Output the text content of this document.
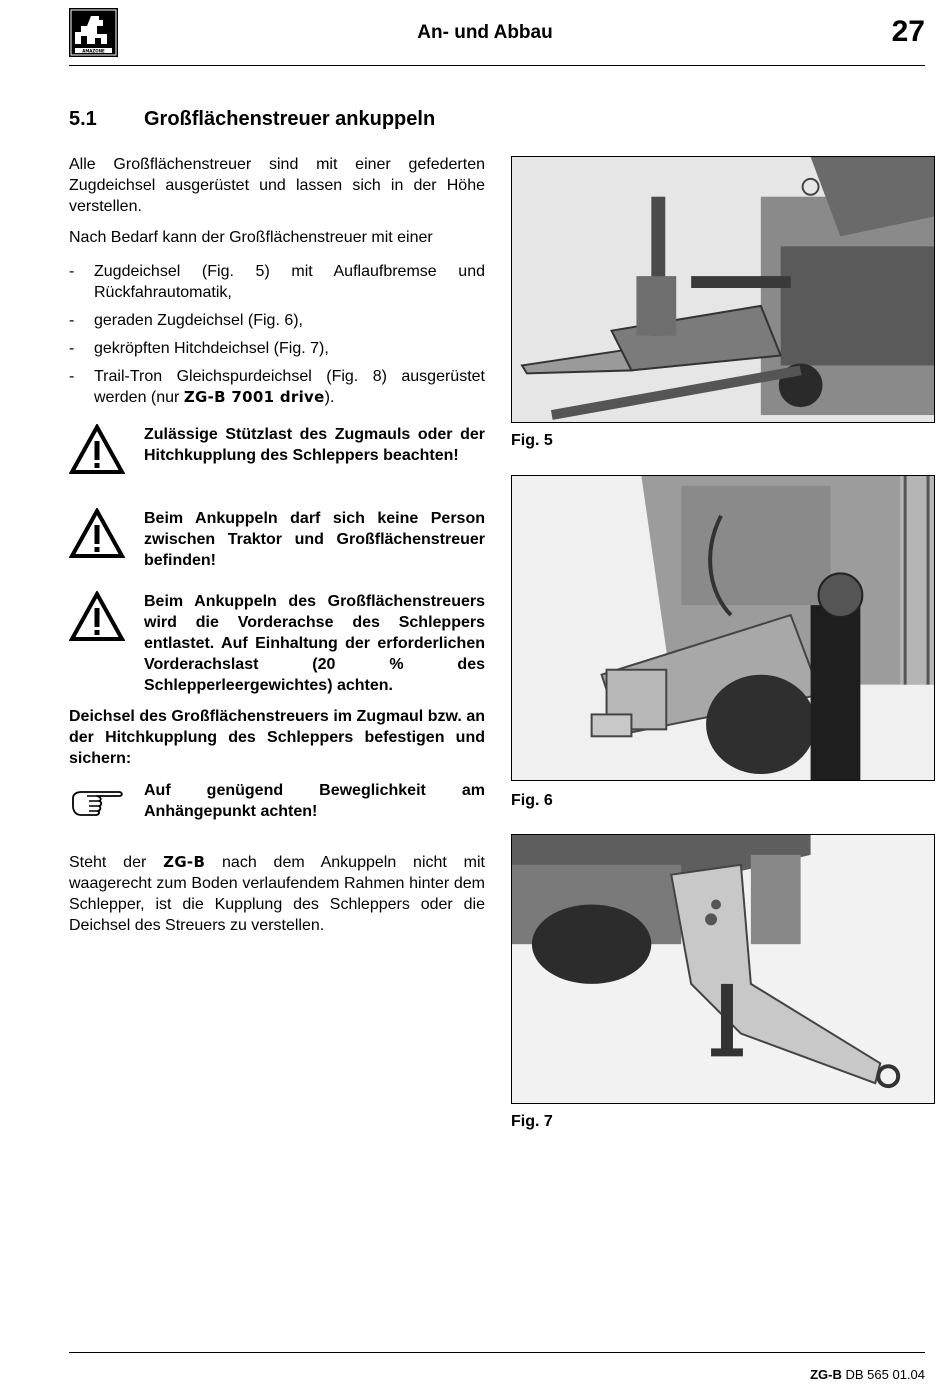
AMAZONE
An- und Abbau	27
5.1 Großflächenstreuer ankuppeln

Alle Großflächenstreuer sind mit einer gefederten Zugdeichsel ausgerüstet und lassen sich in der Höhe verstellen.

Nach Bedarf kann der Großflächenstreuer mit einer

- Zugdeichsel (Fig. 5) mit Auflaufbremse und Rückfahrautomatik,
- geraden Zugdeichsel (Fig. 6),
- gekröpften Hitchdeichsel (Fig. 7),
- Trail-Tron Gleichspurdeichsel (Fig. 8) ausgerüstet werden (nur ZG-B 7001 drive).
Zulässige Stützlast des Zugmauls oder der Hitchkupplung des Schleppers beachten!
Beim Ankuppeln darf sich keine Person zwischen Traktor und Großflächenstreuer befinden!
Beim Ankuppeln des Großflächenstreuers wird die Vorderachse des Schleppers entlastet. Auf Einhaltung der erforderlichen Vorderachslast (20 % des Schlepperleergewichtes) achten.

Deichsel des Großflächenstreuers im Zugmaul bzw. an der Hitchkupplung des Schleppers befestigen und sichern:

Auf genügend Beweglichkeit am Anhängepunkt achten!

Steht der ZG-B nach dem Ankuppeln nicht mit waagerecht zum Boden verlaufendem Rahmen hinter dem Schlepper, ist die Kupplung des Schleppers oder die Deichsel des Streuers zu verstellen.

Fig. 5
Fig. 6
Fig. 7
ZG-B DB 565 01.04
